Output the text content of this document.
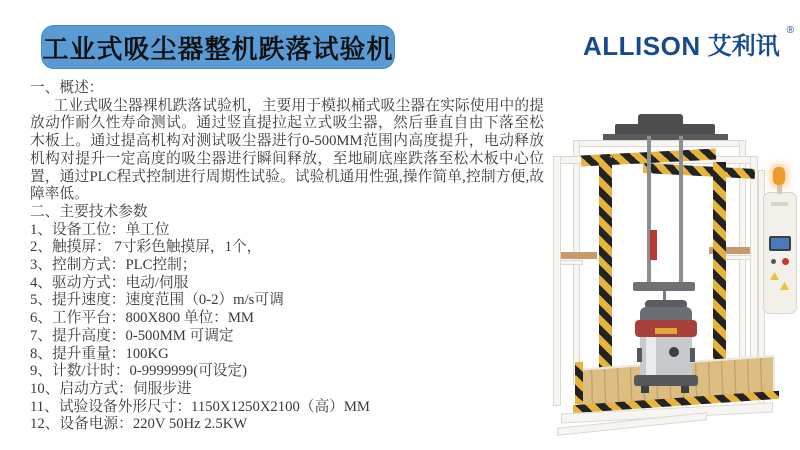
工业式吸尘器整机跌落试验机	ALLISON 艾利讯
®
一、概述：
工业式吸尘器裸机跌落试验机，主要用于模拟桶式吸尘器在实际使用中的提放动作耐久性寿命测试。通过竖直提拉起立式吸尘器，然后垂直自由下落至松木板上。通过提高机构对测试吸尘器进行0-500MM范围内高度提升，电动释放机构对提升一定高度的吸尘器进行瞬间释放，至地刷底座跌落至松木板中心位置，通过PLC程式控制进行周期性试验。试验机通用性强,操作简单,控制方便,故障率低。
二、主要技术参数
1、设备工位：单工位
2、触摸屏： 7寸彩色触摸屏，1个，
3、控制方式：PLC控制；
4、驱动方式：电动/伺服
5、提升速度：速度范围（0-2）m/s可调
6、工作平台：800X800 单位：MM
7、提升高度：0-500MM 可调定
8、提升重量：100KG
9、计数/计时：0-9999999(可设定)
10、启动方式：伺服步进
11、试验设备外形尺寸：1150X1250X2100（高）MM
12、设备电源：220V 50Hz 2.5KW
